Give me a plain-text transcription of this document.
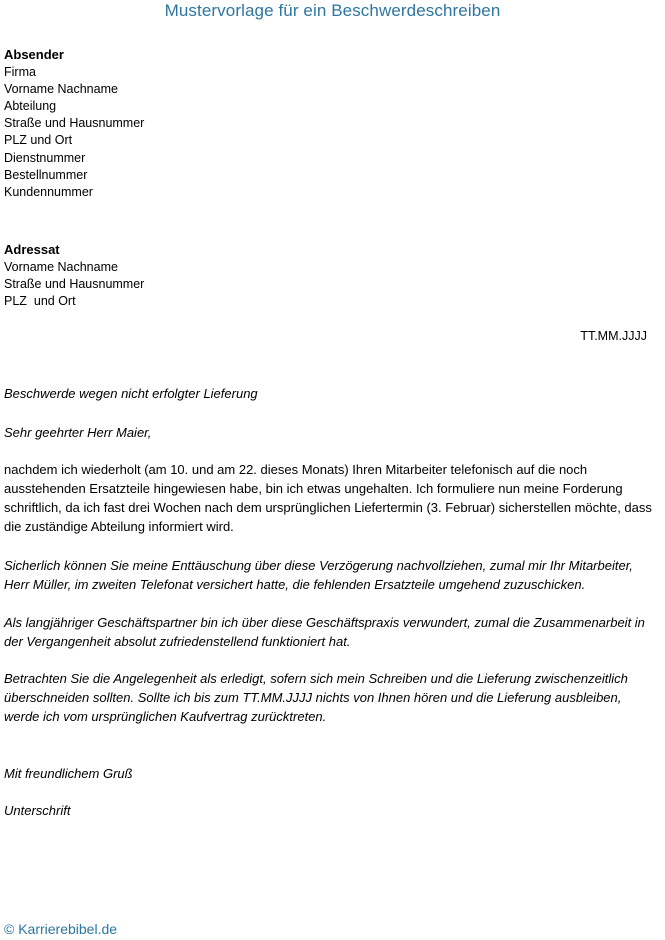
Mustervorlage für ein Beschwerdeschreiben
Absender
Firma
Vorname Nachname
Abteilung
Straße und Hausnummer
PLZ und Ort
Dienstnummer
Bestellnummer
Kundennummer
Adressat
Vorname Nachname
Straße und Hausnummer
PLZ  und Ort
TT.MM.JJJJ
Beschwerde wegen nicht erfolgter Lieferung
Sehr geehrter Herr Maier,
nachdem ich wiederholt (am 10. und am 22. dieses Monats) Ihren Mitarbeiter telefonisch auf die noch ausstehenden Ersatzteile hingewiesen habe, bin ich etwas ungehalten. Ich formuliere nun meine Forderung schriftlich, da ich fast drei Wochen nach dem ursprünglichen Liefertermin (3. Februar) sicherstellen möchte, dass die zuständige Abteilung informiert wird.
Sicherlich können Sie meine Enttäuschung über diese Verzögerung nachvollziehen, zumal mir Ihr Mitarbeiter, Herr Müller, im zweiten Telefonat versichert hatte, die fehlenden Ersatzteile umgehend zuzuschicken.
Als langjähriger Geschäftspartner bin ich über diese Geschäftspraxis verwundert, zumal die Zusammenarbeit in der Vergangenheit absolut zufriedenstellend funktioniert hat.
Betrachten Sie die Angelegenheit als erledigt, sofern sich mein Schreiben und die Lieferung zwischenzeitlich überschneiden sollten. Sollte ich bis zum TT.MM.JJJJ nichts von Ihnen hören und die Lieferung ausbleiben, werde ich vom ursprünglichen Kaufvertrag zurücktreten.
Mit freundlichem Gruß
Unterschrift
© Karrierebibel.de
